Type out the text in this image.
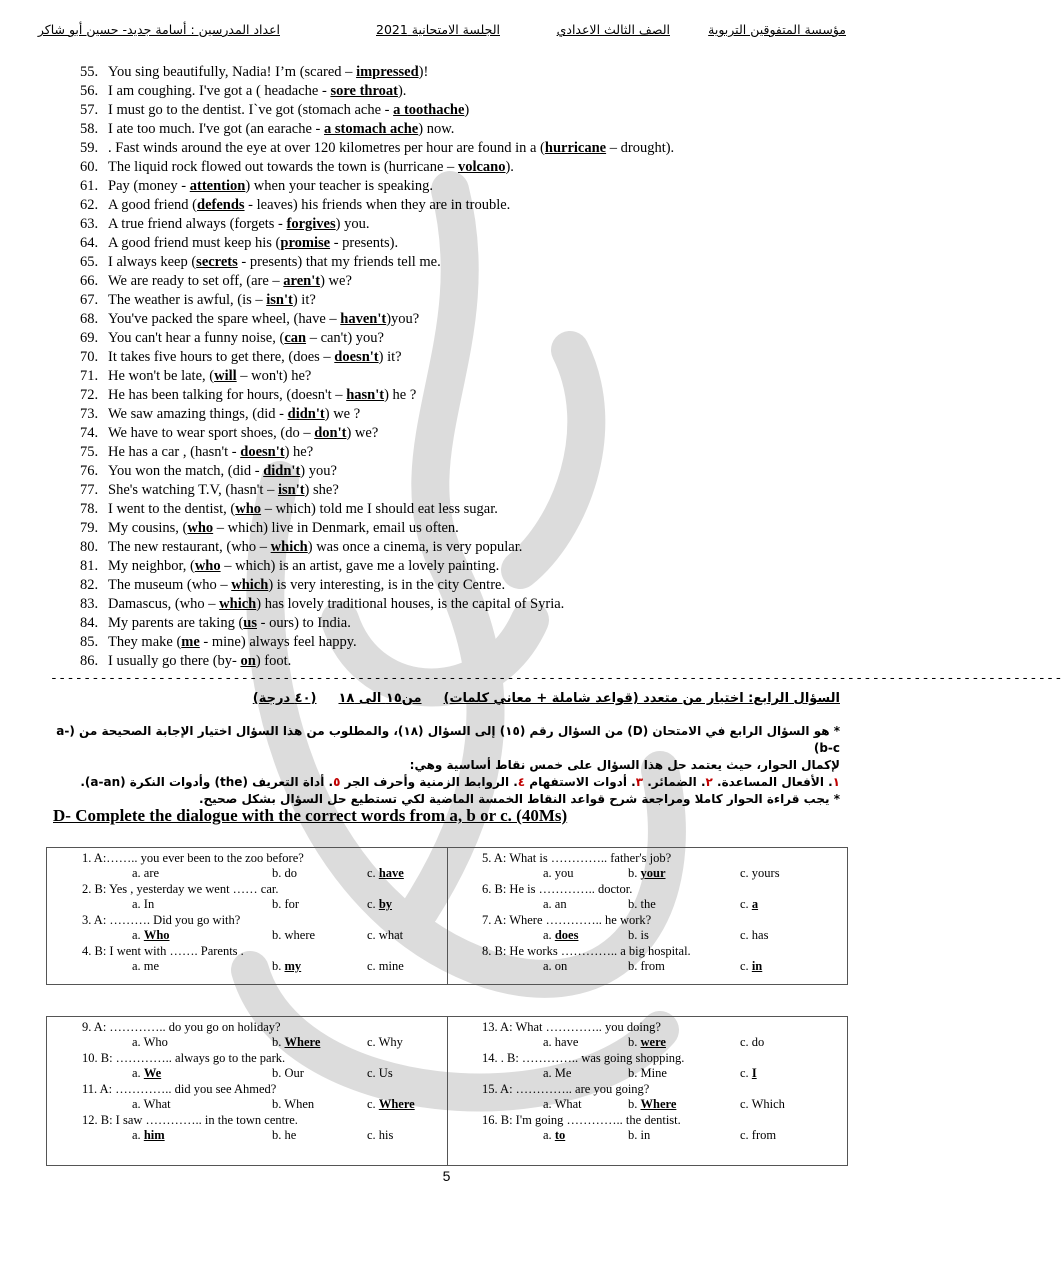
مؤسسة المتفوقين التربوية
الصف الثالث الاعدادي
الجلسة الامتحانية 2021
اعداد المدرسين : أسامة جديد- حسين أبو شاكر
55. You sing beautifully, Nadia! I’m (scared – impressed)!
56. I am coughing. I've got a ( headache - sore throat).
57. I must go to the dentist. I`ve got (stomach ache - a toothache)
58. I ate too much. I've got (an earache - a stomach ache) now.
59. . Fast winds around the eye at over 120 kilometres per hour are found in a (hurricane – drought).
60. The liquid rock flowed out towards the town is (hurricane – volcano).
61. Pay (money - attention) when your teacher is speaking.
62. A good friend (defends - leaves) his friends when they are in trouble.
63. A true friend always (forgets - forgives) you.
64. A good friend must keep his (promise - presents).
65. I always keep (secrets - presents) that my friends tell me.
66. We are ready to set off, (are – aren't) we?
67. The weather is awful, (is – isn't) it?
68. You've packed the spare wheel, (have – haven't)you?
69. You can't hear a funny noise, (can – can't) you?
70. It takes five hours to get there, (does – doesn't) it?
71. He won't be late, (will – won't) he?
72. He has been talking for hours, (doesn't – hasn't) he ?
73. We saw amazing things, (did - didn't) we ?
74. We have to wear sport shoes, (do – don't) we?
75. He has a car , (hasn't - doesn't) he?
76. You won the match, (did - didn't) you?
77. She's watching T.V, (hasn't – isn't) she?
78. I went to the dentist, (who – which) told me I should eat less sugar.
79. My cousins, (who – which) live in Denmark, email us often.
80. The new restaurant, (who – which) was once a cinema, is very popular.
81. My neighbor, (who – which) is an artist, gave me a lovely painting.
82. The museum (who – which) is very interesting, is in the city Centre.
83. Damascus, (who – which) has lovely traditional houses, is the capital of Syria.
84. My parents are taking (us - ours) to India.
85. They make (me - mine) always feel happy.
86. I usually go there (by- on) foot.
--------------------------------------------------------------------------------------------------------------------------
السؤال الرابع: اختيار من متعدد (قواعد شاملة + معاني كلمات)
من١٥ الى ١٨
(٤٠ درجة)
* هو السؤال الرابع في الامتحان (D) من السؤال رقم (١٥) إلى السؤال (١٨)، والمطلوب من هذا السؤال اختيار الإجابة الصحيحة من (a-b-c)
لإكمال الحوار، حيث يعتمد حل هذا السؤال على خمس نقاط أساسية وهي:
١. الأفعال المساعدة. ٢. الضمائر. ٣. أدوات الاستفهام ٤. الروابط الزمنية وأحرف الجر ٥. أداة التعريف (the) وأدوات النكرة (a-an).
* يجب قراءة الحوار كاملا ومراجعة شرح قواعد النقاط الخمسة الماضية لكي تستطيع حل السؤال بشكل صحيح.
D- Complete the dialogue with the correct words from a, b or c. (40Ms)
1. A:…….. you ever been to the zoo before?
a. are	b. do	c. have
2. B: Yes , yesterday we went …… car.
a. In	b. for	c. by
3. A: ………. Did you go with?
a. Who	b. where	c. what
4. B: I went with ……. Parents .
a. me	b. my	c. mine
5. A: What is ………….. father's job?
a. you	b. your	c. yours
6. B: He is ………….. doctor.
a. an	b. the	c. a
7. A: Where ………….. he work?
a. does	b. is	c. has
8. B: He works ………….. a big hospital.
a. on	b. from	c. in
9. A: ………….. do you go on holiday?
a. Who	b. Where	c. Why
10. B: ………….. always go to the park.
a. We	b. Our	c. Us
11. A: ………….. did you see Ahmed?
a. What	b. When	c. Where
12. B: I saw ………….. in the town centre.
a. him	b. he	c. his
13. A: What ………….. you doing?
a. have	b. were	c. do
14. . B: ………….. was going shopping.
a. Me	b. Mine	c. I
15. A: ………….. are you going?
a. What	b. Where	c. Which
16. B: I'm going ………….. the dentist.
a. to	b. in	c. from
5
